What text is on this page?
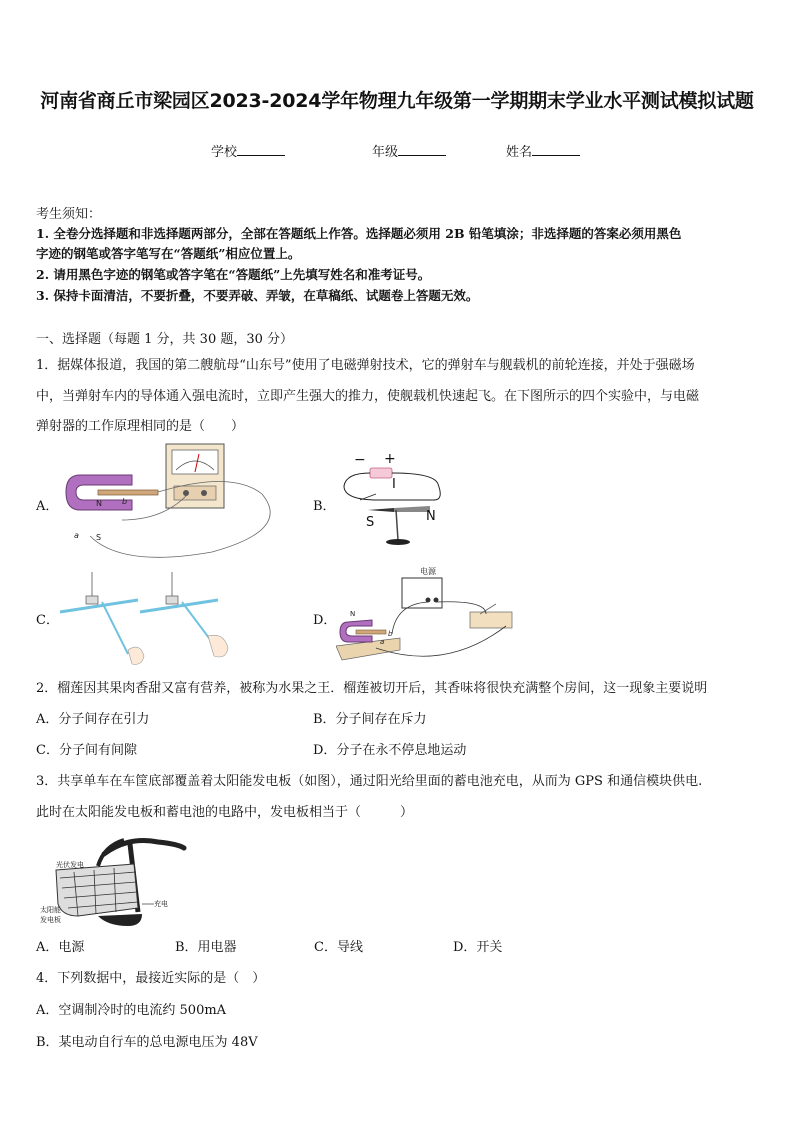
河南省商丘市梁园区2023-2024学年物理九年级第一学期期末学业水平测试模拟试题
学校	年级	姓名
考生须知：
1. 全卷分选择题和非选择题两部分，全部在答题纸上作答。选择题必须用 2B 铅笔填涂；非选择题的答案必须用黑色
字迹的钢笔或答字笔写在“答题纸”相应位置上。
2. 请用黑色字迹的钢笔或答字笔在“答题纸”上先填写姓名和准考证号。
3. 保持卡面清洁，不要折叠，不要弄破、弄皱，在草稿纸、试题卷上答题无效。
一、选择题（每题 1 分，共 30 题，30 分）
1．据媒体报道，我国的第二艘航母“山东号”使用了电磁弹射技术，它的弹射车与舰载机的前轮连接，并处于强磁场
中，当弹射车内的导体通入强电流时，立即产生强大的推力，使舰载机快速起飞。在下图所示的四个实验中，与电磁
弹射器的工作原理相同的是（　　）
A．	B．
C．	D．
N
S
a
b
− +
I
S	N
电源
N
a
b
2．榴莲因其果肉香甜又富有营养，被称为水果之王．榴莲被切开后，其香味将很快充满整个房间，这一现象主要说明
A．分子间存在引力	B．分子间存在斥力
C．分子间有间隙	D．分子在永不停息地运动
3．共享单车在车筐底部覆盖着太阳能发电板（如图），通过阳光给里面的蓄电池充电，从而为 GPS 和通信模块供电.
此时在太阳能发电板和蓄电池的电路中，发电板相当于（　　　）
光伏发电
充电
太阳能
发电板
A．电源	B．用电器	C．导线	D．开关
4．下列数据中，最接近实际的是（　）
A．空调制冷时的电流约 500mA
B．某电动自行车的总电源电压为 48V
